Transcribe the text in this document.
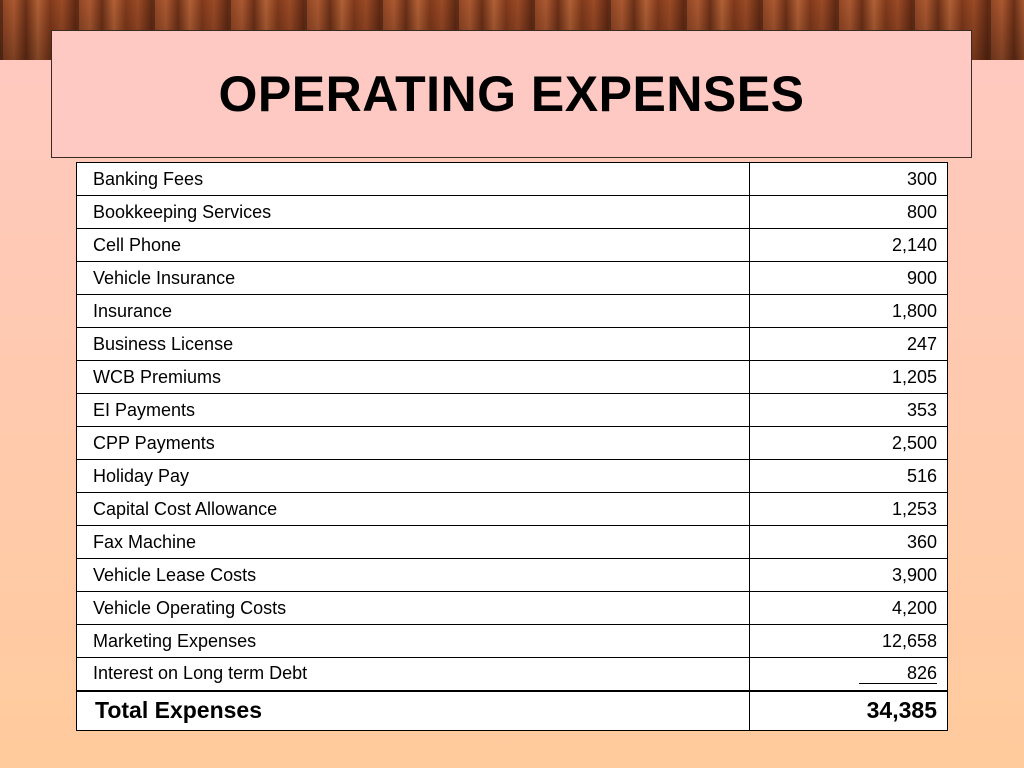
OPERATING EXPENSES
Banking Fees	300
Bookkeeping Services	800
Cell Phone	2,140
Vehicle Insurance	900
Insurance	1,800
Business License	247
WCB Premiums	1,205
EI Payments	353
CPP Payments	2,500
Holiday Pay	516
Capital Cost Allowance	1,253
Fax Machine	360
Vehicle Lease Costs	3,900
Vehicle Operating Costs	4,200
Marketing Expenses	12,658
Interest on Long term Debt	826
Total Expenses	34,385
